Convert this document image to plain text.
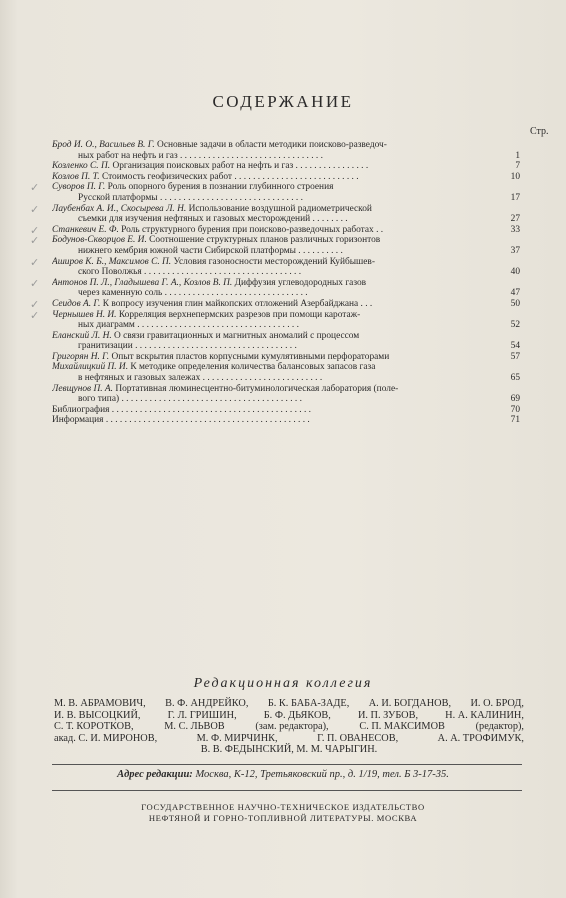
СОДЕРЖАНИЕ
Стр.
Брод И. О., Васильев В. Г. Основные задачи в области методики поисково-разведоч-
ных работ на нефть и газ . . . . . . . . . . . . . . . . . . . . . . . . . . . . . . .	1
Козленко С. П. Организация поисковых работ на нефть и газ . . . . . . . . . . . . . . . .	7
Козлов П. Т. Стоимость геофизических работ . . . . . . . . . . . . . . . . . . . . . . . . . . .	10
✓ Суворов П. Г. Роль опорного бурения в познании глубинного строения
Русской платформы . . . . . . . . . . . . . . . . . . . . . . . . . . . . . . .	17
✓ Лаубенбах А. И., Скосырева Л. Н. Использование воздушной радиометрической
съемки для изучения нефтяных и газовых месторождений . . . . . . . .	27
✓ Станкевич Е. Ф. Роль структурного бурения при поисково-разведочных работах . .	33
✓ Бодунов-Скворцов Е. И. Соотношение структурных планов различных горизонтов
нижнего кембрия южной части Сибирской платформы . . . . . . . . . .	37
✓ Аширов К. Б., Максимов С. П. Условия газоносности месторождений Куйбышев-
ского Поволжья . . . . . . . . . . . . . . . . . . . . . . . . . . . . . . . . . .	40
✓ Антонов П. Л., Гладышева Г. А., Козлов В. П. Диффузия углеводородных газов
через каменную соль . . . . . . . . . . . . . . . . . . . . . . . . . . . . . . .	47
✓ Сеидов А. Г. К вопросу изучения глин майкопских отложений Азербайджана . . .	50
✓ Чернышев Н. И. Корреляция верхнепермских разрезов при помощи каротаж-
ных диаграмм . . . . . . . . . . . . . . . . . . . . . . . . . . . . . . . . . . .	52
Еланский Л. Н. О связи гравитационных и магнитных аномалий с процессом
гранитизации . . . . . . . . . . . . . . . . . . . . . . . . . . . . . . . . . . .	54
Григорян Н. Г. Опыт вскрытия пластов корпусными кумулятивными перфораторами	57
Михайлицкий П. И. К методике определения количества балансовых запасов газа
в нефтяных и газовых залежах . . . . . . . . . . . . . . . . . . . . . . . . . .	65
Левщунов П. А. Портативная люминесцентно-битуминологическая лаборатория (поле-
вого типа) . . . . . . . . . . . . . . . . . . . . . . . . . . . . . . . . . . . . . . .	69
Библиография . . . . . . . . . . . . . . . . . . . . . . . . . . . . . . . . . . . . . . . . . . .	70
Информация . . . . . . . . . . . . . . . . . . . . . . . . . . . . . . . . . . . . . . . . . . . .	71
Редакционная коллегия
М. В. АБРАМОВИЧ, В. Ф. АНДРЕЙКО, Б. К. БАБА-ЗАДЕ, А. И. БОГДАНОВ, И. О. БРОД,
И. В. ВЫСОЦКИЙ,	Г. Л. ГРИШИН,	Б. Ф. ДЬЯКОВ,	И. П. ЗУБОВ,	Н. А. КАЛИНИН,
С. Т. КОРОТКОВ,	М. С. ЛЬВОВ	(зам. редактора),	С. П. МАКСИМОВ	(редактор),
акад. С. И. МИРОНОВ,	М. Ф. МИРЧИНК,	Г. П. ОВАНЕСОВ,	А. А. ТРОФИМУК,
В. В. ФЕДЫНСКИЙ, М. М. ЧАРЫГИН.
Адрес редакции: Москва, К-12, Третьяковский пр., д. 1/19, тел. Б 3-17-35.
ГОСУДАРСТВЕННОЕ НАУЧНО-ТЕХНИЧЕСКОЕ ИЗДАТЕЛЬСТВО
НЕФТЯНОЙ И ГОРНО-ТОПЛИВНОЙ ЛИТЕРАТУРЫ. МОСКВА
